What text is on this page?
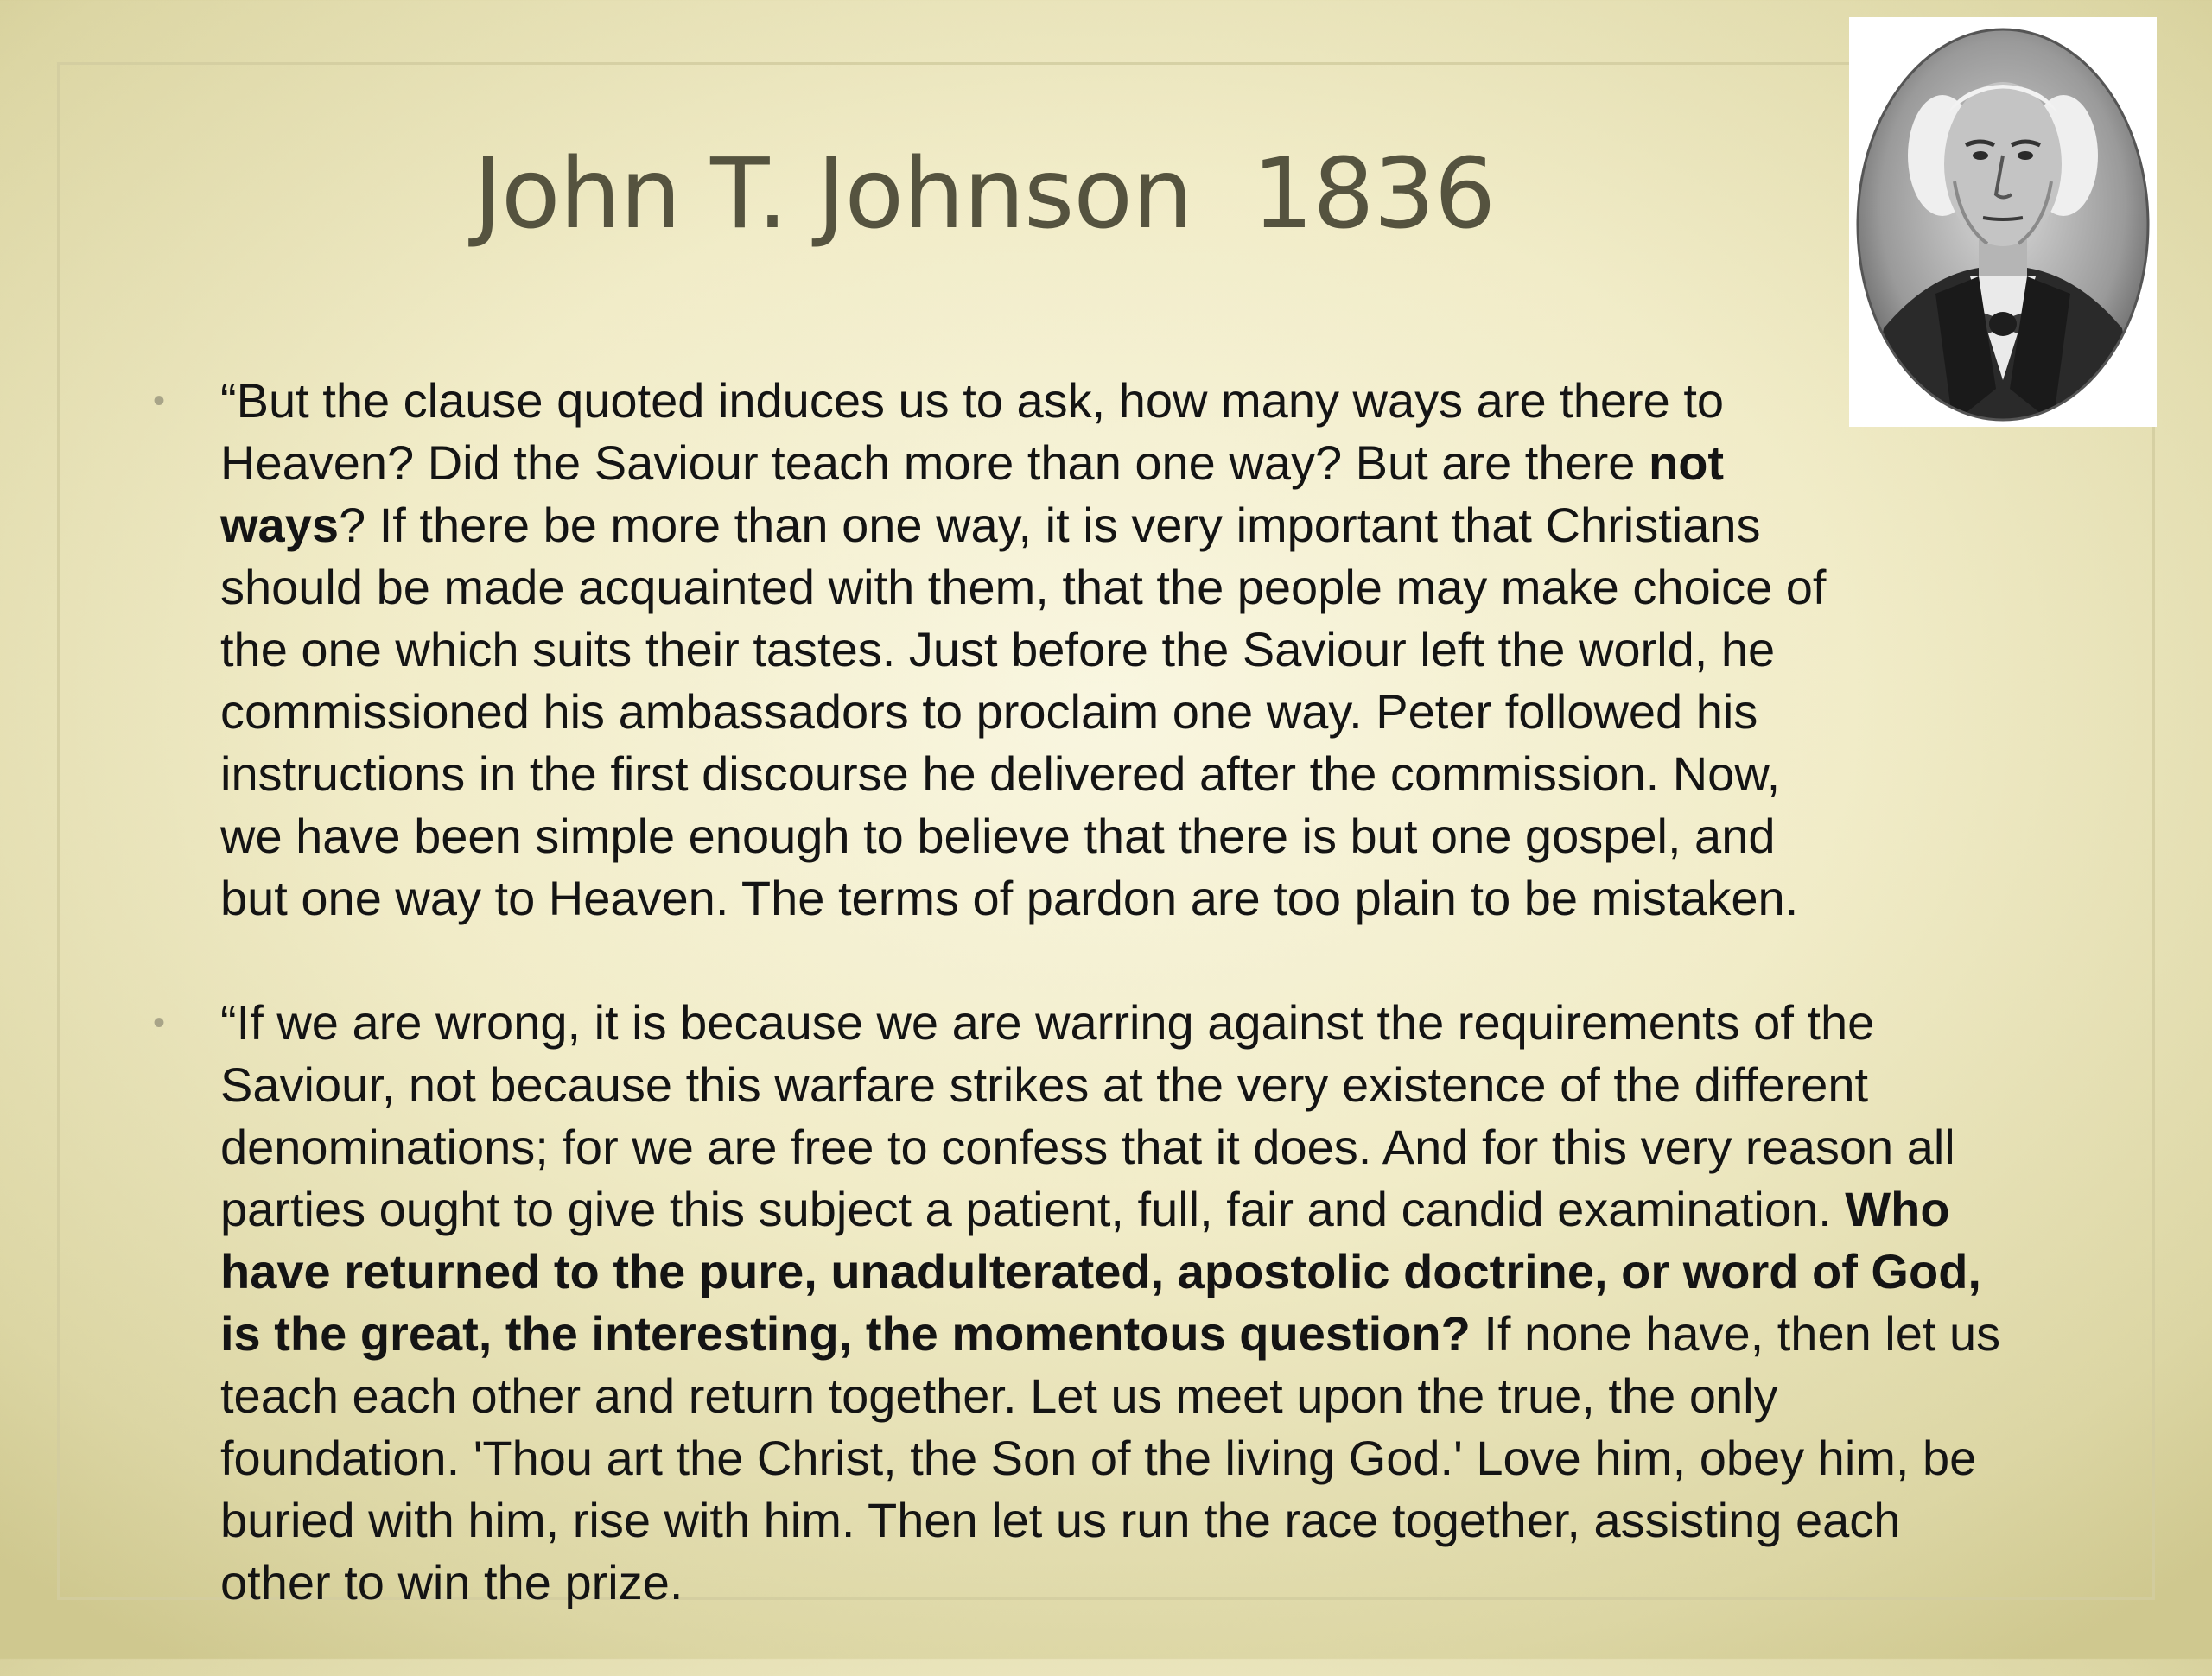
John T. Johnson  1836
• “But the clause quoted induces us to ask, how many ways are there to Heaven? Did the Saviour teach more than one way? But are there not ways? If there be more than one way, it is very important that Christians should be made acquainted with them, that the people may make choice of the one which suits their tastes. Just before the Saviour left the world, he commissioned his ambassadors to proclaim one way. Peter followed his instructions in the first discourse he delivered after the commission. Now, we have been simple enough to believe that there is but one gospel, and but one way to Heaven. The terms of pardon are too plain to be mistaken.
• “If we are wrong, it is because we are warring against the requirements of the Saviour, not because this warfare strikes at the very existence of the different denominations; for we are free to confess that it does. And for this very reason all parties ought to give this subject a patient, full, fair and candid examination. Who have returned to the pure, unadulterated, apostolic doctrine, or word of God, is the great, the interesting, the momentous question? If none have, then let us teach each other and return together. Let us meet upon the true, the only foundation. 'Thou art the Christ, the Son of the living God.' Love him, obey him, be buried with him, rise with him. Then let us run the race together, assisting each other to win the prize.
